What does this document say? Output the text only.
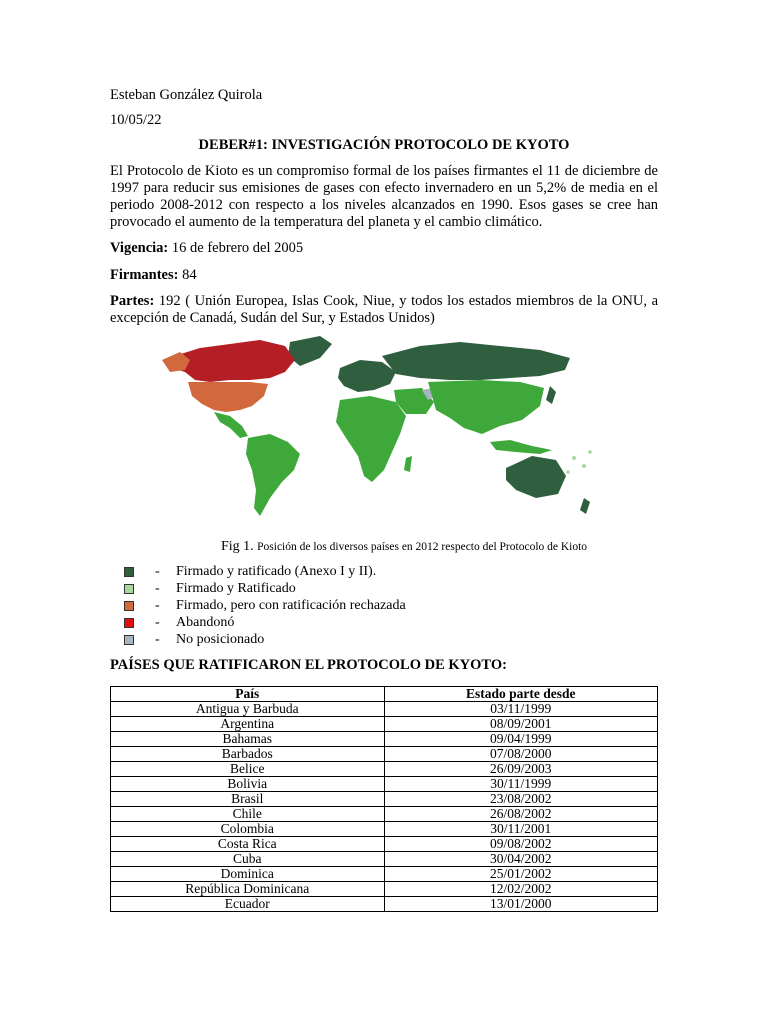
Esteban González Quirola
10/05/22
DEBER#1: INVESTIGACIÓN PROTOCOLO DE KYOTO
El Protocolo de Kioto es un compromiso formal de los países firmantes el 11 de diciembre de 1997 para reducir sus emisiones de gases con efecto invernadero en un 5,2% de media en el periodo 2008-2012 con respecto a los niveles alcanzados en 1990. Esos gases se cree han provocado el aumento de la temperatura del planeta y el cambio climático.
Vigencia: 16 de febrero del 2005
Firmantes: 84
Partes: 192 ( Unión Europea, Islas Cook, Niue, y todos los estados miembros de la ONU, a excepción de Canadá, Sudán del Sur, y Estados Unidos)
Fig 1. Posición de los diversos países en 2012 respecto del Protocolo de Kioto
-	Firmado y ratificado (Anexo I y II).
-	Firmado y Ratificado
-	Firmado, pero con ratificación rechazada
-	Abandonó
-	No posicionado
PAÍSES QUE RATIFICARON EL PROTOCOLO DE KYOTO:
País	Estado parte desde
Antigua y Barbuda	03/11/1999
Argentina	08/09/2001
Bahamas	09/04/1999
Barbados	07/08/2000
Belice	26/09/2003
Bolivia	30/11/1999
Brasil	23/08/2002
Chile	26/08/2002
Colombia	30/11/2001
Costa Rica	09/08/2002
Cuba	30/04/2002
Dominica	25/01/2002
República Dominicana	12/02/2002
Ecuador	13/01/2000
